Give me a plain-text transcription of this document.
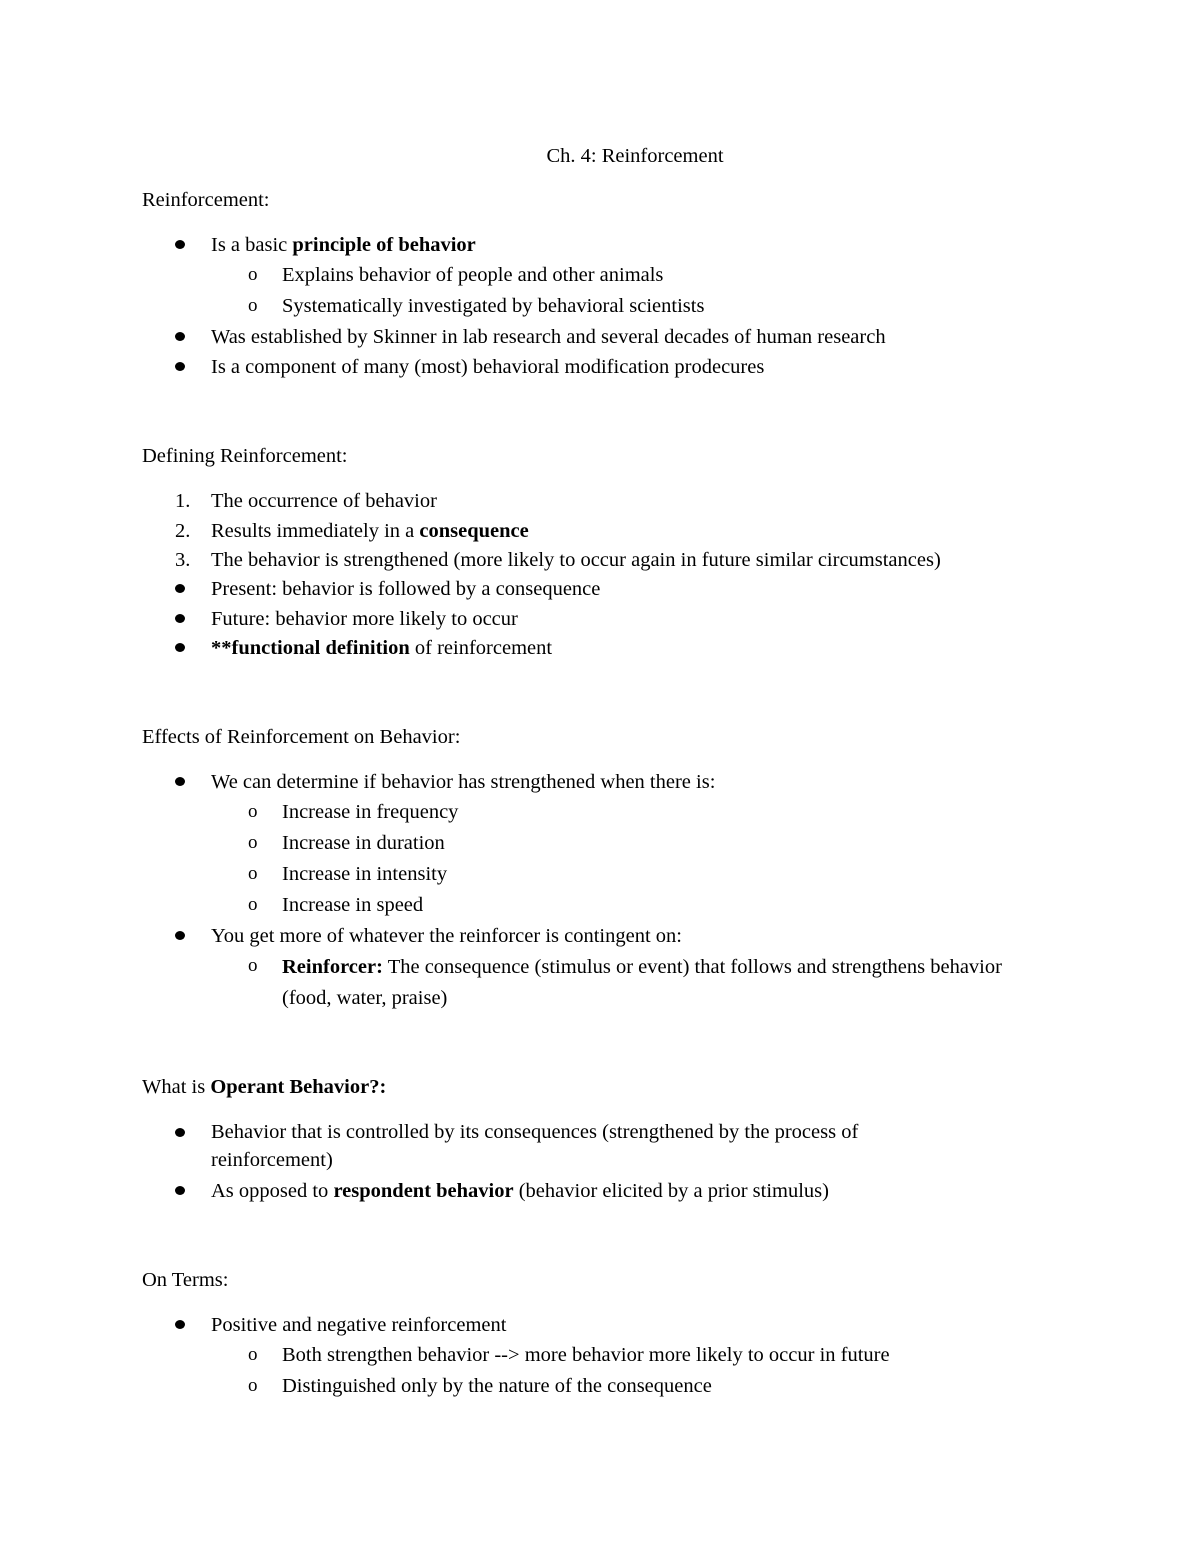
Ch. 4: Reinforcement
Reinforcement:
Is a basic principle of behavior
o Explains behavior of people and other animals
o Systematically investigated by behavioral scientists
Was established by Skinner in lab research and several decades of human research
Is a component of many (most) behavioral modification prodecures
Defining Reinforcement:
1. The occurrence of behavior
2. Results immediately in a consequence
3. The behavior is strengthened (more likely to occur again in future similar circumstances)
Present: behavior is followed by a consequence
Future: behavior more likely to occur
**functional definition of reinforcement
Effects of Reinforcement on Behavior:
We can determine if behavior has strengthened when there is:
o Increase in frequency
o Increase in duration
o Increase in intensity
o Increase in speed
You get more of whatever the reinforcer is contingent on:
o Reinforcer: The consequence (stimulus or event) that follows and strengthens behavior (food, water, praise)
What is Operant Behavior?:
Behavior that is controlled by its consequences (strengthened by the process of reinforcement)
As opposed to respondent behavior (behavior elicited by a prior stimulus)
On Terms:
Positive and negative reinforcement
o Both strengthen behavior --> more behavior more likely to occur in future
o Distinguished only by the nature of the consequence
